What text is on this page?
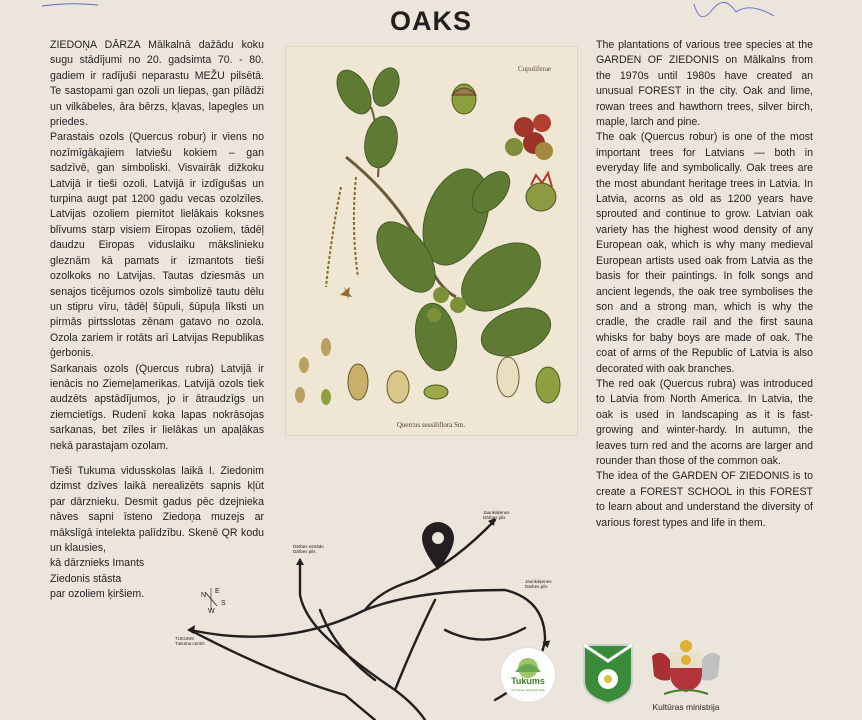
OAKS

ZIEDOŅA DĀRZA Mālkalnā dažādu koku sugu stādījumi no 20. gadsimta 70. - 80. gadiem ir radījuši neparastu MEŽU pilsētā. Te sastopami gan ozoli un liepas, gan pīlādži un vilkābeles, āra bērzs, kļavas, lapegles un priedes.

Parastais ozols (Quercus robur) ir viens no nozīmīgākajiem latviešu kokiem – gan sadzīvē, gan simboliski. Visvairāk dižkoku Latvijā ir tieši ozoli. Latvijā ir izdīgušas un turpina augt pat 1200 gadu vecas ozolzīles. Latvijas ozoliem piemītot lielākais koksnes blīvums starp visiem Eiropas ozoliem, tādēļ daudzu Eiropas viduslaiku mākslinieku gleznām kā pamats ir izmantots tieši ozolkoks no Latvijas. Tautas dziesmās un senajos ticējumos ozols simbolizē tautu dēlu un stipru vīru, tādēļ šūpuli, šūpuļa līksti un pirmās pirtsslotas zēnam gatavo no ozola. Ozola zariem ir rotāts arī Latvijas Republikas ģerbonis.

Sarkanais ozols (Quercus rubra) Latvijā ir ienācis no Ziemeļamerikas. Latvijā ozols tiek audzēts apstādījumos, jo ir ātraudzīgs un ziemcietīgs. Rudenī koka lapas nokrāsojas sarkanas, bet zīles ir lielākas un apaļākas nekā parastajam ozolam.

Tieši Tukuma vidusskolas laikā I. Ziedonim dzimst dzīves laikā nerealizēts sapnis kļūt par dārznieku. Desmit gadus pēc dzejnieka nāves sapni īsteno Ziedoņa muzejs ar mākslīgā intelekta palīdzību. Skenē QR kodu un klausies,

kā dārznieks Imants

Ziedonis stāsta

par ozoliem ķiršiem.

Cupuliferae
Quercus sessiliflora Sm.

The plantations of various tree species at the GARDEN OF ZIEDONIS on Mālkalns from the 1970s until 1980s have created an unusual FOREST in the city. Oak and lime, rowan trees and hawthorn trees, silver birch, maple, larch and pine.

The oak (Quercus robur) is one of the most important trees for Latvians — both in everyday life and symbolically. Oak trees are the most abundant heritage trees in Latvia. In Latvia, acorns as old as 1200 years have sprouted and continue to grow. Latvian oak variety has the highest wood density of any European oak, which is why many medieval European artists used oak from Latvia as the basis for their paintings. In folk songs and ancient legends, the oak tree symbolises the son and a strong man, which is why the cradle, the cradle rail and the first sauna whisks for baby boys are made of oak. The coat of arms of the Republic of Latvia is also decorated with oak branches.

The red oak (Quercus rubra) was introduced to Latvia from North America. In Latvia, the oak is used in landscaping as it is fast-growing and winter-hardy. In autumn, the leaves turn red and the acorns are larger and rounder than those of the common oak.

The idea of the GARDEN OF ZIEDONIS is to create a FOREST SCHOOL in this FOREST to learn about and understand the diversity of various forest types and life in them.

N
E
S
W
Jaunkaķenes
Dārbes pils
Jaunkaķenes
Dārbes pils
Dārbes estrāde
Dārbes pils
TUKUMS
Tukuma centrs
Tukums
Ar Tukumu ziedi pilnu sirdi!
Kultūras ministrija
